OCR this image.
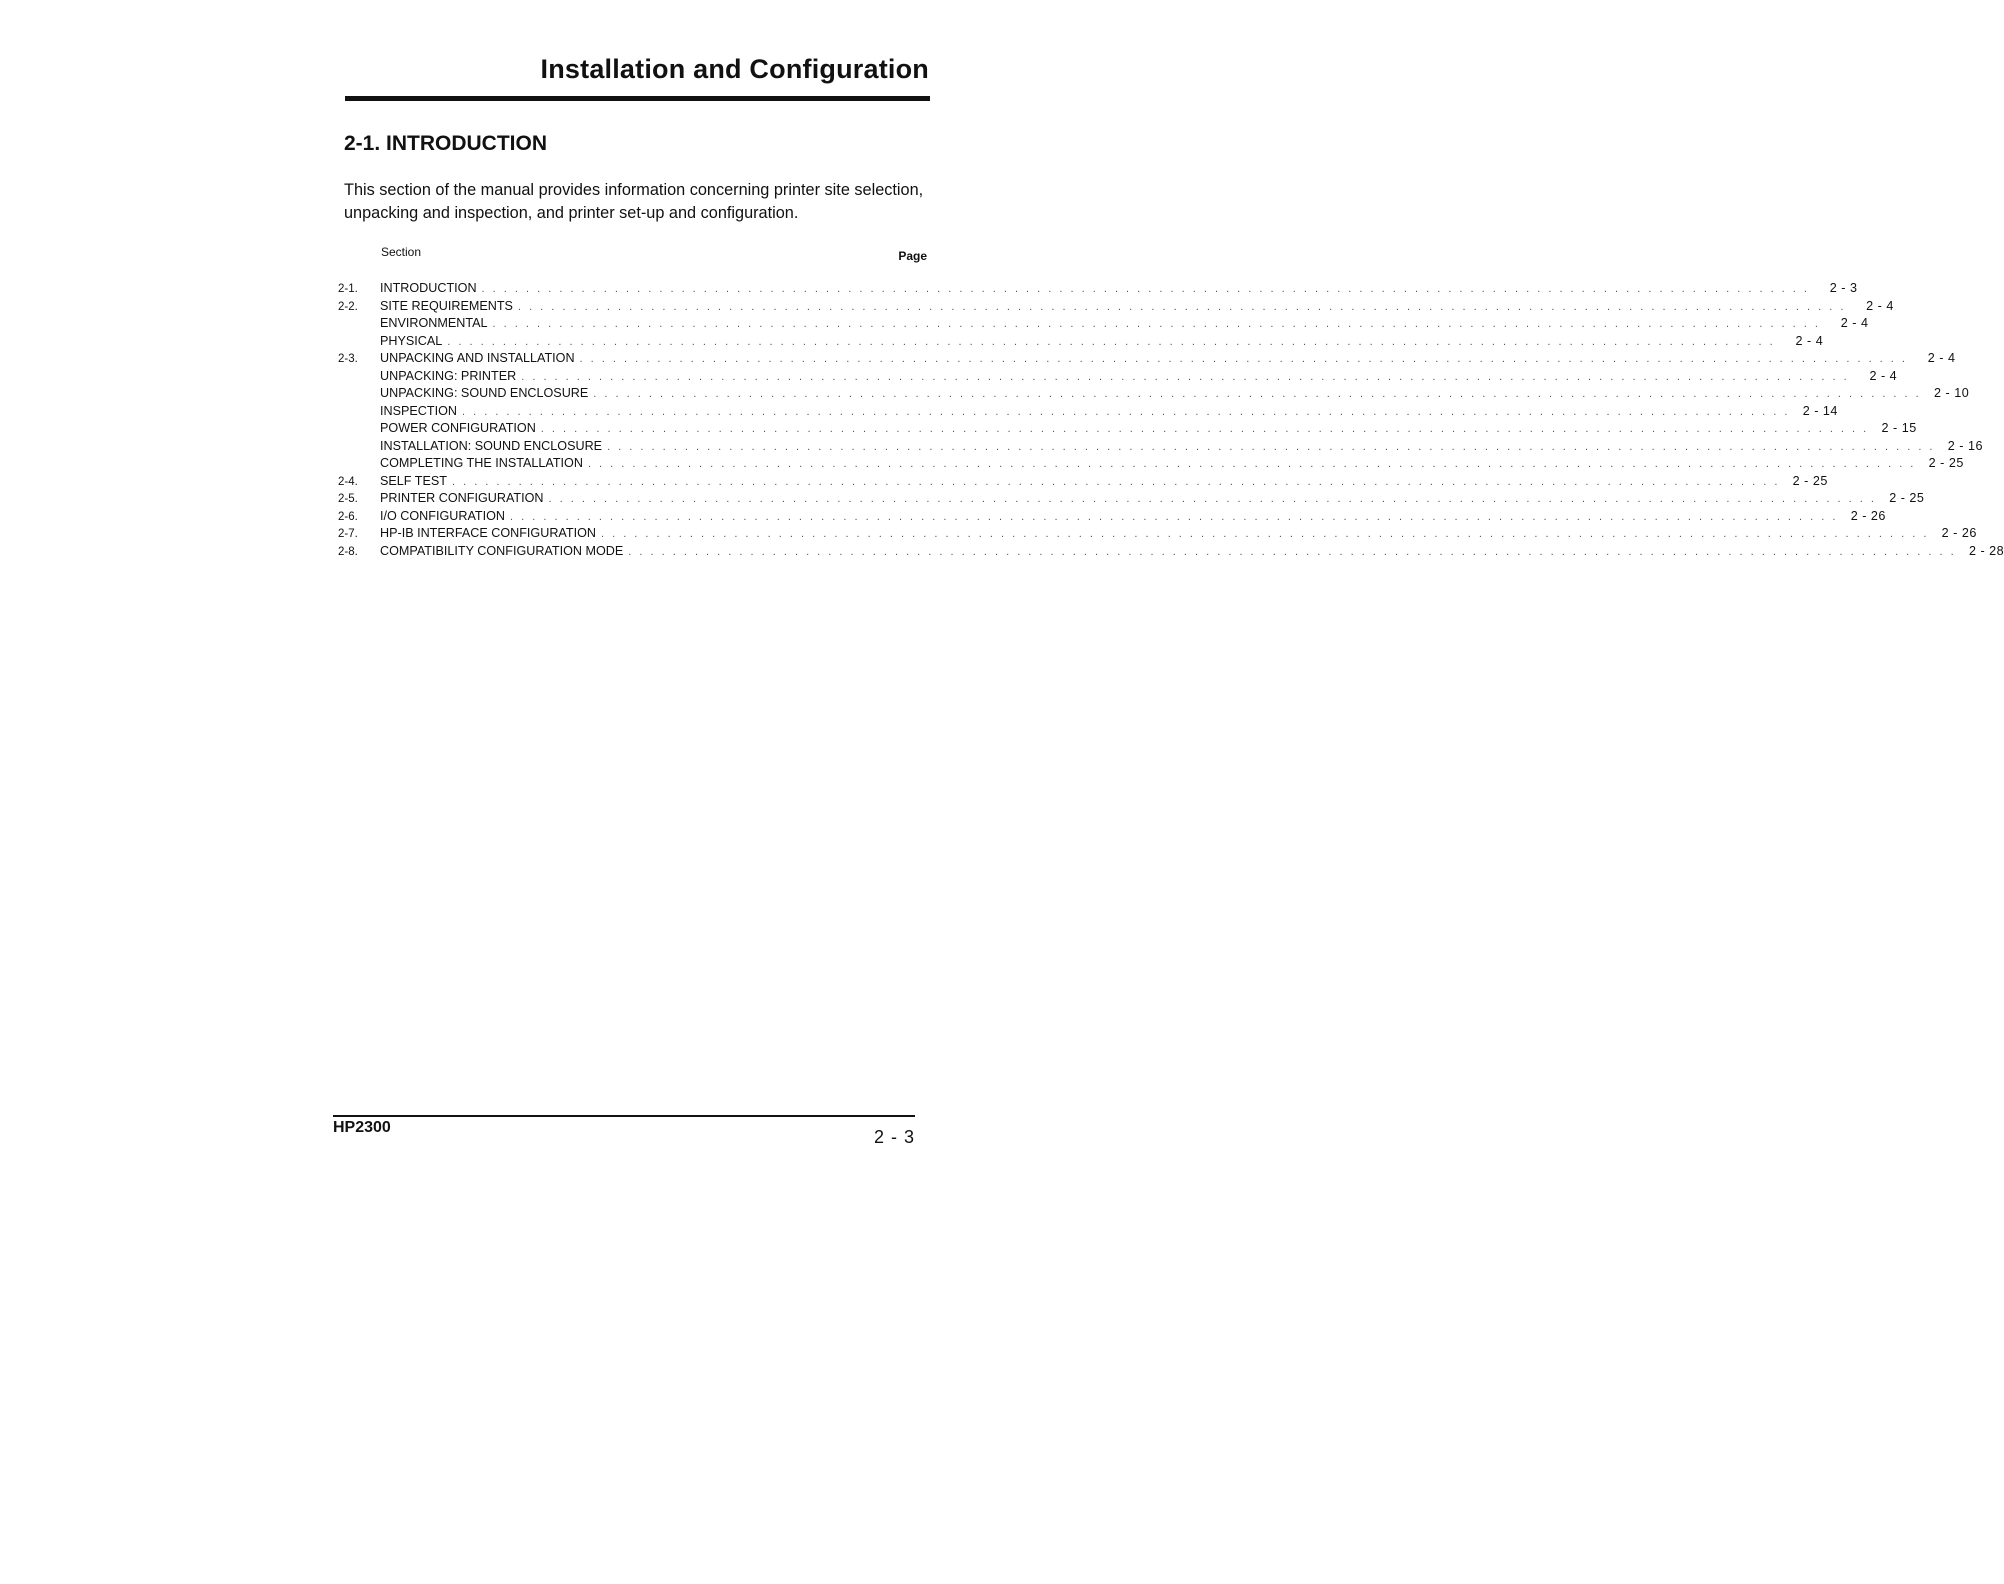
Installation and Configuration
2-1. INTRODUCTION
This section of the manual provides information concerning printer site selection, unpacking and inspection, and printer set-up and configuration.
Section	Page
2-1.	INTRODUCTION . . . . . . . . . . . . . . . . . . . . . . . . . . . . . . . . . . . . . . . . . . . . . . . . . . . . . . . . . . . . . . . . . . . . . . . . . . . . . . . . . . . . . . . . . . . . . . . . . . . . . . . . . . . . . . . . . . . . . . . .	2 - 3
2-2.	SITE REQUIREMENTS . . . . . . . . . . . . . . . . . . . . . . . . . . . . . . . . . . . . . . . . . . . . . . . . . . . . . . . . . . . . . . . . . . . . . . . . . . . . . . . . . . . . . . . . . . . . . . . . . . . . . . . . . . . . . . . . . . . . . . . .	2 - 4
ENVIRONMENTAL . . . . . . . . . . . . . . . . . . . . . . . . . . . . . . . . . . . . . . . . . . . . . . . . . . . . . . . . . . . . . . . . . . . . . . . . . . . . . . . . . . . . . . . . . . . . . . . . . . . . . . . . . . . . . . . . . . . . . . . .	2 - 4
PHYSICAL . . . . . . . . . . . . . . . . . . . . . . . . . . . . . . . . . . . . . . . . . . . . . . . . . . . . . . . . . . . . . . . . . . . . . . . . . . . . . . . . . . . . . . . . . . . . . . . . . . . . . . . . . . . . . . . . . . . . . . . .	2 - 4
2-3.	UNPACKING AND INSTALLATION . . . . . . . . . . . . . . . . . . . . . . . . . . . . . . . . . . . . . . . . . . . . . . . . . . . . . . . . . . . . . . . . . . . . . . . . . . . . . . . . . . . . . . . . . . . . . . . . . . . . . . . . . . . . . . . . . . . . . . . .	2 - 4
UNPACKING: PRINTER . . . . . . . . . . . . . . . . . . . . . . . . . . . . . . . . . . . . . . . . . . . . . . . . . . . . . . . . . . . . . . . . . . . . . . . . . . . . . . . . . . . . . . . . . . . . . . . . . . . . . . . . . . . . . . . . . . . . . . . .	2 - 4
UNPACKING: SOUND ENCLOSURE . . . . . . . . . . . . . . . . . . . . . . . . . . . . . . . . . . . . . . . . . . . . . . . . . . . . . . . . . . . . . . . . . . . . . . . . . . . . . . . . . . . . . . . . . . . . . . . . . . . . . . . . . . . . . . . . . . . . . . . .	2 - 10
INSPECTION . . . . . . . . . . . . . . . . . . . . . . . . . . . . . . . . . . . . . . . . . . . . . . . . . . . . . . . . . . . . . . . . . . . . . . . . . . . . . . . . . . . . . . . . . . . . . . . . . . . . . . . . . . . . . . . . . . . . . . . .	2 - 14
POWER CONFIGURATION . . . . . . . . . . . . . . . . . . . . . . . . . . . . . . . . . . . . . . . . . . . . . . . . . . . . . . . . . . . . . . . . . . . . . . . . . . . . . . . . . . . . . . . . . . . . . . . . . . . . . . . . . . . . . . . . . . . . . . . .	2 - 15
INSTALLATION: SOUND ENCLOSURE . . . . . . . . . . . . . . . . . . . . . . . . . . . . . . . . . . . . . . . . . . . . . . . . . . . . . . . . . . . . . . . . . . . . . . . . . . . . . . . . . . . . . . . . . . . . . . . . . . . . . . . . . . . . . . . . . . . . . . . .	2 - 16
COMPLETING THE INSTALLATION . . . . . . . . . . . . . . . . . . . . . . . . . . . . . . . . . . . . . . . . . . . . . . . . . . . . . . . . . . . . . . . . . . . . . . . . . . . . . . . . . . . . . . . . . . . . . . . . . . . . . . . . . . . . . . . . . . . . . . . .	2 - 25
2-4.	SELF TEST . . . . . . . . . . . . . . . . . . . . . . . . . . . . . . . . . . . . . . . . . . . . . . . . . . . . . . . . . . . . . . . . . . . . . . . . . . . . . . . . . . . . . . . . . . . . . . . . . . . . . . . . . . . . . . . . . . . . . . . .	2 - 25
2-5.	PRINTER CONFIGURATION . . . . . . . . . . . . . . . . . . . . . . . . . . . . . . . . . . . . . . . . . . . . . . . . . . . . . . . . . . . . . . . . . . . . . . . . . . . . . . . . . . . . . . . . . . . . . . . . . . . . . . . . . . . . . . . . . . . . . . . .	2 - 25
2-6.	I/O CONFIGURATION . . . . . . . . . . . . . . . . . . . . . . . . . . . . . . . . . . . . . . . . . . . . . . . . . . . . . . . . . . . . . . . . . . . . . . . . . . . . . . . . . . . . . . . . . . . . . . . . . . . . . . . . . . . . . . . . . . . . . . . .	2 - 26
2-7.	HP-IB INTERFACE CONFIGURATION . . . . . . . . . . . . . . . . . . . . . . . . . . . . . . . . . . . . . . . . . . . . . . . . . . . . . . . . . . . . . . . . . . . . . . . . . . . . . . . . . . . . . . . . . . . . . . . . . . . . . . . . . . . . . . . . . . . . . . . .	2 - 26
2-8.	COMPATIBILITY CONFIGURATION MODE . . . . . . . . . . . . . . . . . . . . . . . . . . . . . . . . . . . . . . . . . . . . . . . . . . . . . . . . . . . . . . . . . . . . . . . . . . . . . . . . . . . . . . . . . . . . . . . . . . . . . . . . . . . . . . . . . . . . . . . .	2 - 28
HP2300	2 - 3
